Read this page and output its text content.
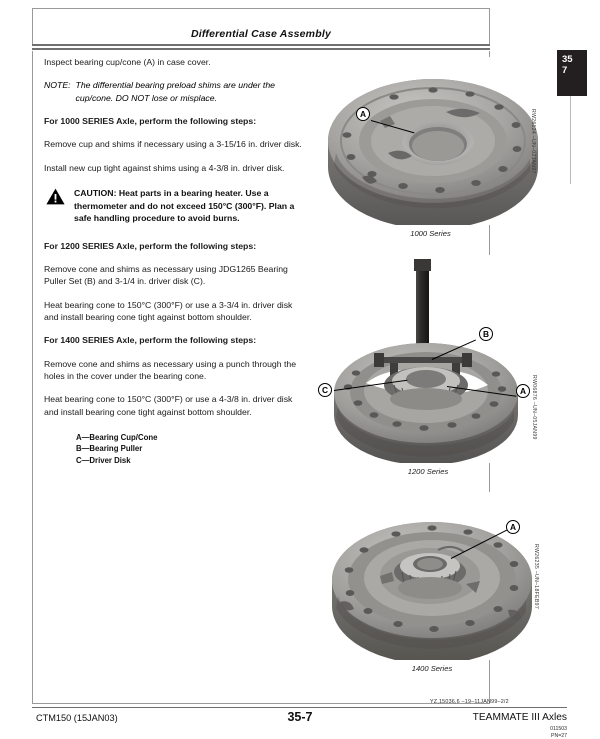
Differential Case Assembly
35
7
Inspect bearing cup/cone (A) in case cover.
NOTE: The differential bearing preload shims are under the cup/cone. DO NOT lose or misplace.
For 1000 SERIES Axle, perform the following steps:
Remove cup and shims if necessary using a 3-15/16 in. driver disk.
Install new cup tight against shims using a 4-3/8 in. driver disk.
CAUTION: Heat parts in a bearing heater. Use a thermometer and do not exceed 150°C (300°F). Plan a safe handling procedure to avoid burns.
For 1200 SERIES Axle, perform the following steps:
Remove cone and shims as necessary using JDG1265 Bearing Puller Set (B) and 3-1/4 in. driver disk (C).
Heat bearing cone to 150°C (300°F) or use a 3-3/4 in. driver disk and install bearing cone tight against bottom shoulder.
For 1400 SERIES Axle, perform the following steps:
Remove cone and shims as necessary using a punch through the holes in the cover under the bearing cone.
Heat bearing cone to 150°C (300°F) or use a 4-3/8 in. driver disk and install bearing cone tight against bottom shoulder.
A—Bearing Cup/Cone
B—Bearing Puller
C—Driver Disk
A
1000 Series
RW26124 –UN–02JAN97
B
C	A
1200 Series
RW06876 –UN–05JAN99
A
1400 Series
RW26235 –UN–18FEB97
YZ,15036,6 –19–11JAN99–2/2
CTM150 (15JAN03)	35-7	TEAMMATE III Axles
011503
PN=27
